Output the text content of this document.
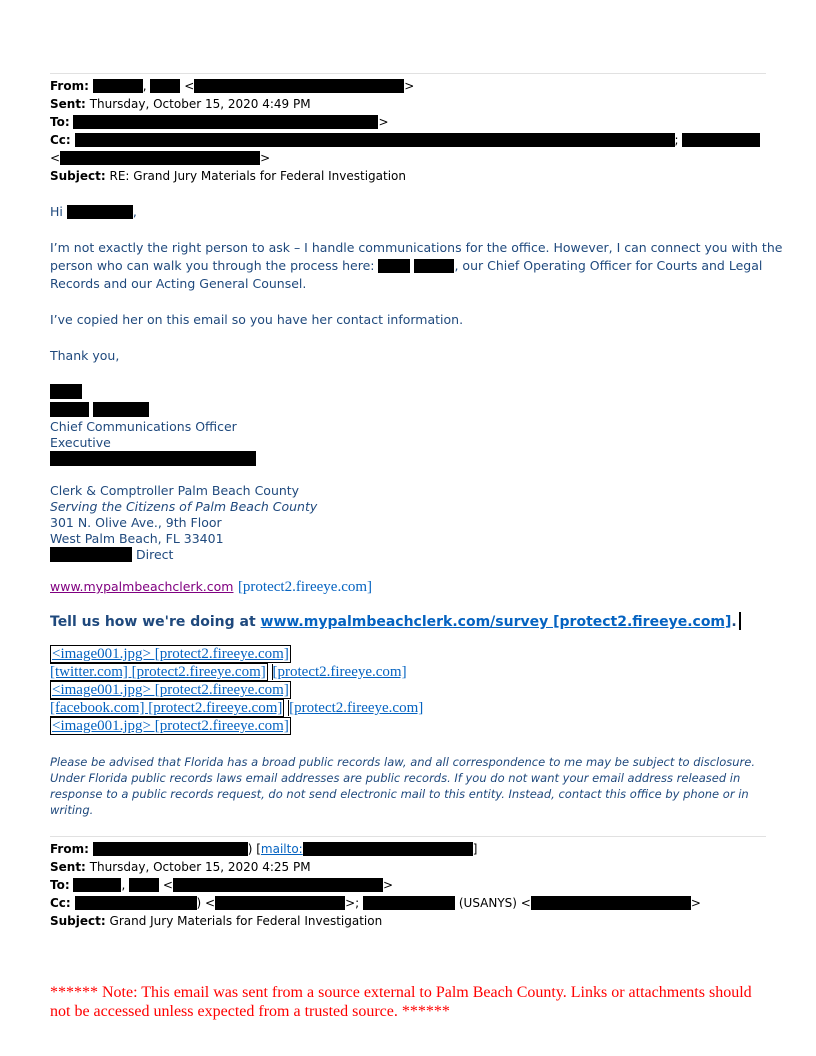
From:	,	<	>
Sent: Thursday, October 15, 2020 4:49 PM
To:	>
Cc:	;
<	>
Subject: RE: Grand Jury Materials for Federal Investigation
Hi	,
I’m not exactly the right person to ask – I handle communications for the office. However, I can connect you with the
person who can walk you through the process here:	, our Chief Operating Officer for Courts and Legal
Records and our Acting General Counsel.
I’ve copied her on this email so you have her contact information.
Thank you,
Chief Communications Officer
Executive
Clerk & Comptroller Palm Beach County
Serving the Citizens of Palm Beach County
301 N. Olive Ave., 9th Floor
West Palm Beach, FL 33401
Direct
www.mypalmbeachclerk.com [protect2.fireeye.com]
Tell us how we're doing at www.mypalmbeachclerk.com/survey [protect2.fireeye.com].
<image001.jpg> [protect2.fireeye.com]
[twitter.com] [protect2.fireeye.com] [protect2.fireeye.com]
<image001.jpg> [protect2.fireeye.com]
[facebook.com] [protect2.fireeye.com] [protect2.fireeye.com]
<image001.jpg> [protect2.fireeye.com]
Please be advised that Florida has a broad public records law, and all correspondence to me may be subject to disclosure. Under Florida public records laws email addresses are public records. If you do not want your email address released in response to a public records request, do not send electronic mail to this entity. Instead, contact this office by phone or in writing.
From:	) [mailto:	]
Sent: Thursday, October 15, 2020 4:25 PM
To:	,	<	>
Cc:	) <	>;	(USANYS) <	>
Subject: Grand Jury Materials for Federal Investigation
****** Note: This email was sent from a source external to Palm Beach County. Links or attachments should not be accessed unless expected from a trusted source. ******
